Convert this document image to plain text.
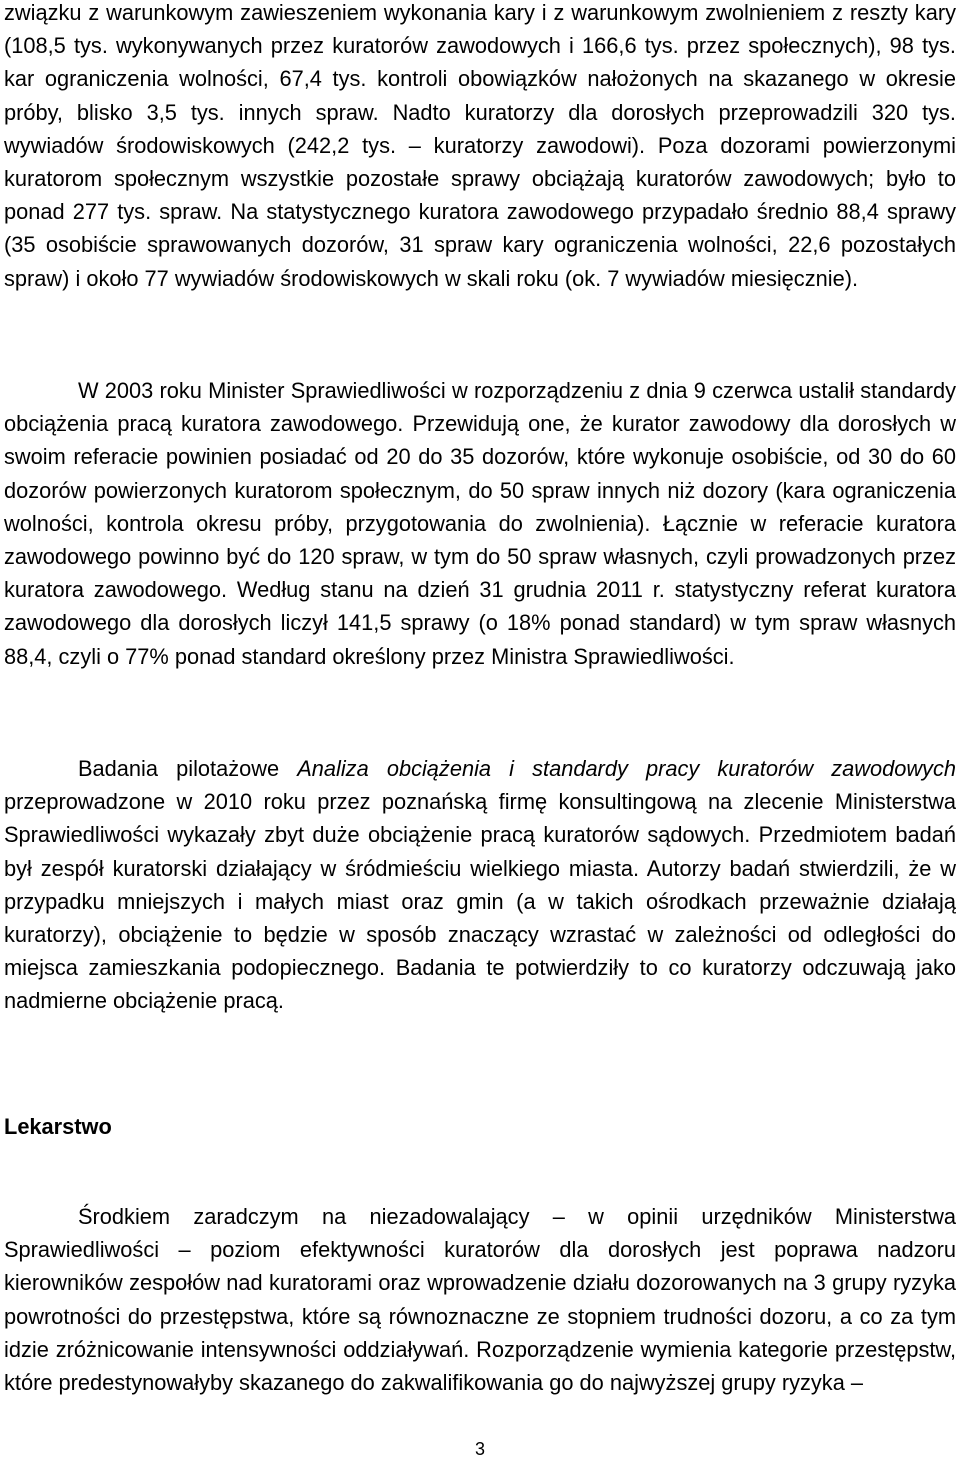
związku z warunkowym zawieszeniem wykonania kary i z warunkowym zwolnieniem z reszty kary (108,5 tys. wykonywanych przez kuratorów zawodowych i 166,6 tys. przez społecznych), 98 tys. kar ograniczenia wolności, 67,4 tys. kontroli obowiązków nałożonych na skazanego w okresie próby, blisko 3,5 tys. innych spraw. Nadto kuratorzy dla dorosłych przeprowadzili 320 tys. wywiadów środowiskowych (242,2 tys. – kuratorzy zawodowi). Poza dozorami powierzonymi kuratorom społecznym wszystkie pozostałe sprawy obciążają kuratorów zawodowych; było to ponad 277 tys. spraw. Na statystycznego kuratora zawodowego przypadało średnio 88,4 sprawy (35 osobiście sprawowanych dozorów, 31 spraw kary ograniczenia wolności, 22,6 pozostałych spraw) i około 77 wywiadów środowiskowych w skali roku (ok. 7 wywiadów miesięcznie).

W 2003 roku Minister Sprawiedliwości w rozporządzeniu z dnia 9 czerwca ustalił standardy obciążenia pracą kuratora zawodowego. Przewidują one, że kurator zawodowy dla dorosłych w swoim referacie powinien posiadać od 20 do 35 dozorów, które wykonuje osobiście, od 30 do 60 dozorów powierzonych kuratorom społecznym, do 50 spraw innych niż dozory (kara ograniczenia wolności, kontrola okresu próby, przygotowania do zwolnienia). Łącznie w referacie kuratora zawodowego powinno być do 120 spraw, w tym do 50 spraw własnych, czyli prowadzonych przez kuratora zawodowego. Według stanu na dzień 31 grudnia 2011 r. statystyczny referat kuratora zawodowego dla dorosłych liczył 141,5 sprawy (o 18% ponad standard) w tym spraw własnych 88,4, czyli o 77% ponad standard określony przez Ministra Sprawiedliwości.

Badania pilotażowe Analiza obciążenia i standardy pracy kuratorów zawodowych przeprowadzone w 2010 roku przez poznańską firmę konsultingową na zlecenie Ministerstwa Sprawiedliwości wykazały zbyt duże obciążenie pracą kuratorów sądowych. Przedmiotem badań był zespół kuratorski działający w śródmieściu wielkiego miasta. Autorzy badań stwierdzili, że w przypadku mniejszych i małych miast oraz gmin (a w takich ośrodkach przeważnie działają kuratorzy), obciążenie to będzie w sposób znaczący wzrastać w zależności od odległości do miejsca zamieszkania podopiecznego. Badania te potwierdziły to co kuratorzy odczuwają jako nadmierne obciążenie pracą.

Lekarstwo

Środkiem zaradczym na niezadowalający – w opinii urzędników Ministerstwa Sprawiedliwości – poziom efektywności kuratorów dla dorosłych jest poprawa nadzoru kierowników zespołów nad kuratorami oraz wprowadzenie działu dozorowanych na 3 grupy ryzyka powrotności do przestępstwa, które są równoznaczne ze stopniem trudności dozoru, a co za tym idzie zróżnicowanie intensywności oddziaływań. Rozporządzenie wymienia kategorie przestępstw, które predestynowałyby skazanego do zakwalifikowania go do najwyższej grupy ryzyka –

3
